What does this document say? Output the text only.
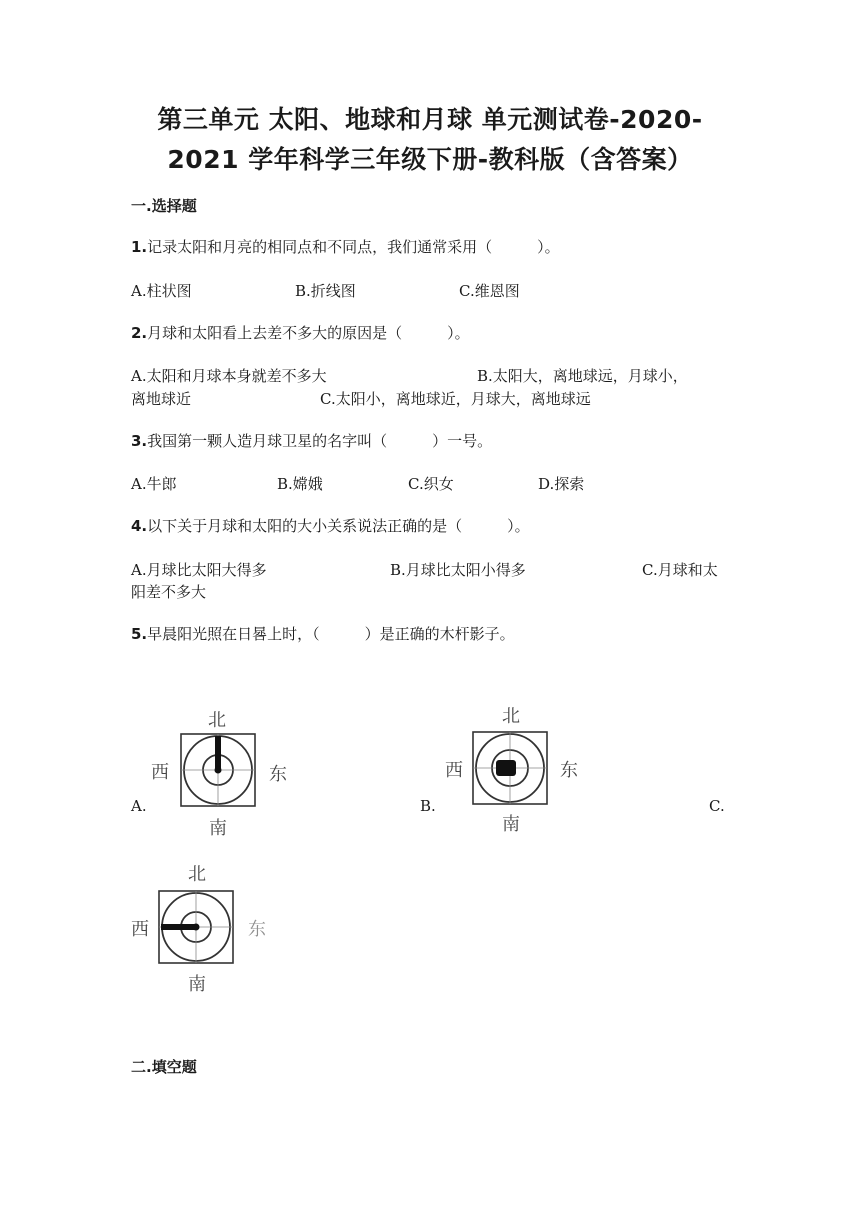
第三单元 太阳、地球和月球 单元测试卷-2020-
2021 学年科学三年级下册-教科版（含答案）
一.选择题
1.记录太阳和月亮的相同点和不同点，我们通常采用（　　　）。
A.柱状图	B.折线图	C.维恩图
2.月球和太阳看上去差不多大的原因是（　　　）。
A.太阳和月球本身就差不多大	B.太阳大，离地球远，月球小，
离地球近	C.太阳小，离地球近，月球大，离地球远
3.我国第一颗人造月球卫星的名字叫（　　　）一号。
A.牛郎	B.嫦娥	C.织女	D.探索
4.以下关于月球和太阳的大小关系说法正确的是（　　　）。
A.月球比太阳大得多	B.月球比太阳小得多	C.月球和太
阳差不多大
5.早晨阳光照在日晷上时，（　　　）是正确的木杆影子。
A.	B.	C.
北
西	东
南
北
西	东
南
北
西	东
南
二.填空题
